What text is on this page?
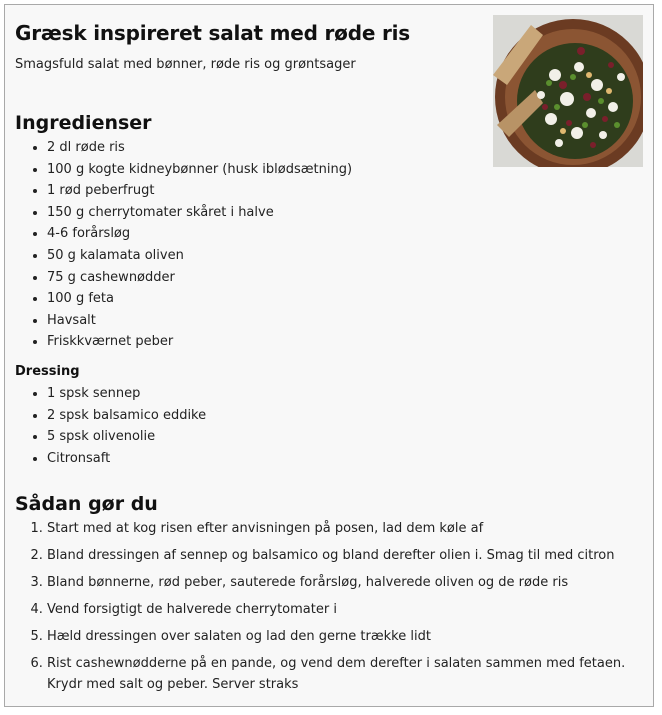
Græsk inspireret salat med røde ris

Smagsfuld salat med bønner, røde ris og grøntsager

Ingredienser
• 2 dl røde ris
• 100 g kogte kidneybønner (husk iblødsætning)
• 1 rød peberfrugt
• 150 g cherrytomater skåret i halve
• 4-6 forårsløg
• 50 g kalamata oliven
• 75 g cashewnødder
• 100 g feta
• Havsalt
• Friskkværnet peber
Dressing
• 1 spsk sennep
• 2 spsk balsamico eddike
• 5 spsk olivenolie
• Citronsaft
Sådan gør du
1. Start med at kog risen efter anvisningen på posen, lad dem køle af
2. Bland dressingen af sennep og balsamico og bland derefter olien i. Smag til med citron
3. Bland bønnerne, rød peber, sauterede forårsløg, halverede oliven og de røde ris
4. Vend forsigtigt de halverede cherrytomater i
5. Hæld dressingen over salaten og lad den gerne trække lidt
6. Rist cashewnødderne på en pande, og vend dem derefter i salaten sammen med fetaen. Krydr med salt og peber. Server straks
